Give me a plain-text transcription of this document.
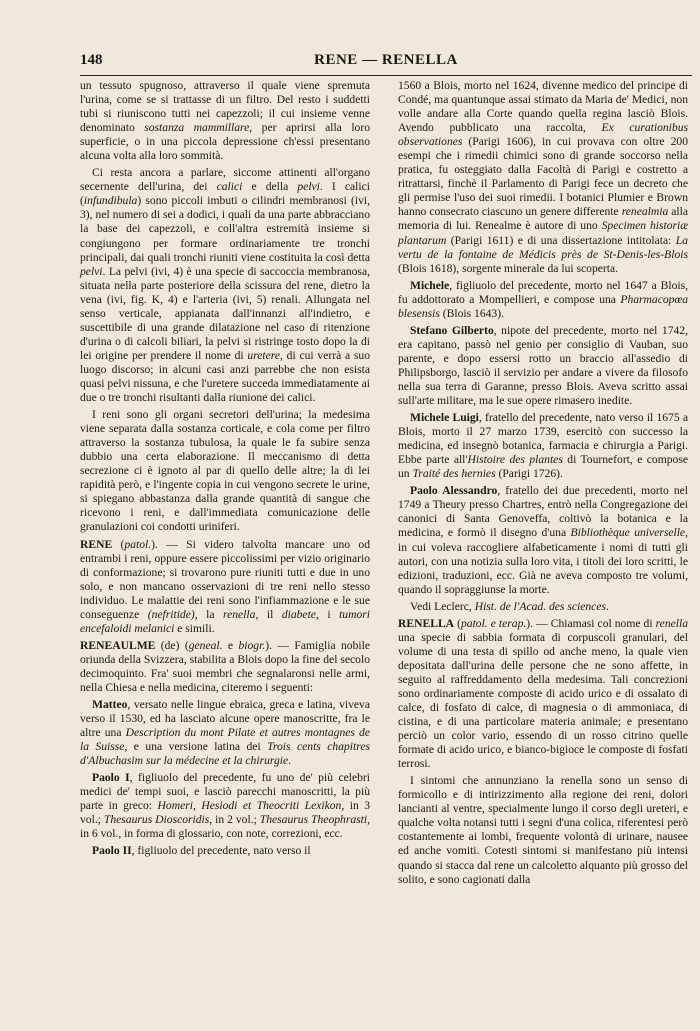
148	RENE — RENELLA

un tessuto spugnoso, attraverso il quale viene spremuta l'urina, come se si trattasse di un filtro. Del resto i suddetti tubi si riuniscono tutti nei capezzoli; il cui insieme venne denominato sostanza mammillare, per aprirsi alla loro superficie, o in una piccola depressione ch'essi presentano alcuna volta alla loro sommità.

Ci resta ancora a parlare, siccome attinenti all'organo secernente dell'urina, dei calici e della pelvi. I calici (infundibula) sono piccoli imbuti o cilindri membranosi (ivi, 3), nel numero di sei a dodici, i quali da una parte abbracciano la base dei capezzoli, e coll'altra estremità insieme si congiungono per formare ordinariamente tre tronchi principali, dai quali tronchi riuniti viene costituita la così detta pelvi. La pelvi (ivi, 4) è una specie di saccoccia membranosa, situata nella parte posteriore della scissura del rene, dietro la vena (ivi, fig. K, 4) e l'arteria (ivi, 5) renali. Allungata nel senso verticale, appianata dall'innanzi all'indietro, e suscettibile di una grande dilatazione nel caso di ritenzione d'urina o di calcoli biliari, la pelvi si ristringe tosto dopo la di lei origine per prendere il nome di uretere, di cui verrà a suo luogo discorso; in alcuni casi anzi parrebbe che non esista quasi pelvi nissuna, e che l'uretere succeda immediatamente ai due o tre tronchi risultanti dalla riunione dei calici.

I reni sono gli organi secretori dell'urina; la medesima viene separata dalla sostanza corticale, e cola come per filtro attraverso la sostanza tubulosa, la quale le fa subire senza dubbio una certa elaborazione. Il meccanismo di detta secrezione ci è ignoto al par di quello delle altre; la di lei rapidità però, e l'ingente copia in cui vengono secrete le urine, si spiegano abbastanza dalla grande quantità di sangue che ricevono i reni, e dall'immediata comunicazione delle granulazioni coi condotti uriniferi.

RENE (patol.). — Si videro talvolta mancare uno od entrambi i reni, oppure essere piccolissimi per vizio originario di conformazione; si trovarono pure riuniti tutti e due in uno solo, e non mancano osservazioni di tre reni nello stesso individuo. Le malattie dei reni sono l'infiammazione e le sue conseguenze (nefritide), la renella, il diabete, i tumori encefaloidi melanici e simili.

RENEAULME (de) (geneal. e biogr.). — Famiglia nobile oriunda della Svizzera, stabilita a Blois dopo la fine del secolo decimoquinto. Fra' suoi membri che segnalaronsi nelle armi, nella Chiesa e nella medicina, citeremo i seguenti:

Matteo, versato nelle lingue ebraica, greca e latina, viveva verso il 1530, ed ha lasciato alcune opere manoscritte, fra le altre una Description du mont Pilate et autres montagnes de la Suisse, e una versione latina dei Trois cents chapitres d'Albuchasim sur la médecine et la chirurgie.

Paolo I, figliuolo del precedente, fu uno de' più celebri medici de' tempi suoi, e lasciò parecchi manoscritti, la più parte in greco: Homeri, Hesiodi et Theocriti Lexikon, in 3 vol.; Thesaurus Dioscoridis, in 2 vol.; Thesaurus Theophrasti, in 6 vol., in forma di glossario, con note, correzioni, ecc.

Paolo II, figliuolo del precedente, nato verso il

1560 a Blois, morto nel 1624, divenne medico del principe di Condé, ma quantunque assai stimato da Maria de' Medici, non volle andare alla Corte quando quella regina lasciò Blois. Avendo pubblicato una raccolta, Ex curationibus observationes (Parigi 1606), in cui provava con oltre 200 esempi che i rimedii chimici sono di grande soccorso nella pratica, fu osteggiato dalla Facoltà di Parigi e costretto a ritrattarsi, finchè il Parlamento di Parigi fece un decreto che gli permise l'uso dei suoi rimedii. I botanici Plumier e Brown hanno consecrato ciascuno un genere differente renealmia alla memoria di lui. Renealme è autore di uno Specimen historiæ plantarum (Parigi 1611) e di una dissertazione intitolata: La vertu de la fontaine de Médicis près de St-Denis-les-Blois (Blois 1618), sorgente minerale da lui scoperta.

Michele, figliuolo del precedente, morto nel 1647 a Blois, fu addottorato a Mompellieri, e compose una Pharmacopœa blesensis (Blois 1643).

Stefano Gilberto, nipote del precedente, morto nel 1742, era capitano, passò nel genio per consiglio di Vauban, suo parente, e dopo essersi rotto un braccio all'assedio di Philipsborgo, lasciò il servizio per andare a vivere da filosofo nella sua terra di Garanne, presso Blois. Aveva scritto assai sull'arte militare, ma le sue opere rimasero inedite.

Michele Luigi, fratello del precedente, nato verso il 1675 a Blois, morto il 27 marzo 1739, esercitò con successo la medicina, ed insegnò botanica, farmacia e chirurgia a Parigi. Ebbe parte all'Histoire des plantes di Tournefort, e compose un Traité des hernies (Parigi 1726).

Paolo Alessandro, fratello dei due precedenti, morto nel 1749 a Theury presso Chartres, entrò nella Congregazione dei canonici di Santa Genoveffa, coltivò la botanica e la medicina, e formò il disegno d'una Bibliothèque universelle, in cui voleva raccogliere alfabeticamente i nomi di tutti gli autori, con una notizia sulla loro vita, i titoli dei loro scritti, le edizioni, traduzioni, ecc. Già ne aveva composto tre volumi, quando il sopraggiunse la morte.

Vedi Leclerc, Hist. de l'Acad. des sciences.

RENELLA (patol. e terap.). — Chiamasi col nome di renella una specie di sabbia formata di corpuscoli granulari, del volume di una testa di spillo od anche meno, la quale vien depositata dall'urina delle persone che ne sono affette, in seguito al raffreddamento della medesima. Tali concrezioni sono ordinariamente composte di acido urico e di ossalato di calce, di fosfato di calce, di magnesia o di ammoniaca, di cistina, e di una particolare materia animale; e presentano perciò un color vario, essendo di un rosso citrino quelle formate di acido urico, e bianco-bigioce le composte di fosfati terrosi.

I sintomi che annunziano la renella sono un senso di formicollo e di intirizzimento alla regione dei reni, dolori lancianti al ventre, specialmente lungo il corso degli ureteri, e qualche volta notansi tutti i segni d'una colica, riferentesi però costantemente ai lombi, frequente volontà di urinare, nausee ed anche vomiti. Cotesti sintomi si manifestano più intensi quando si stacca dal rene un calcoletto alquanto più grosso del solito, e sono cagionati dalla
